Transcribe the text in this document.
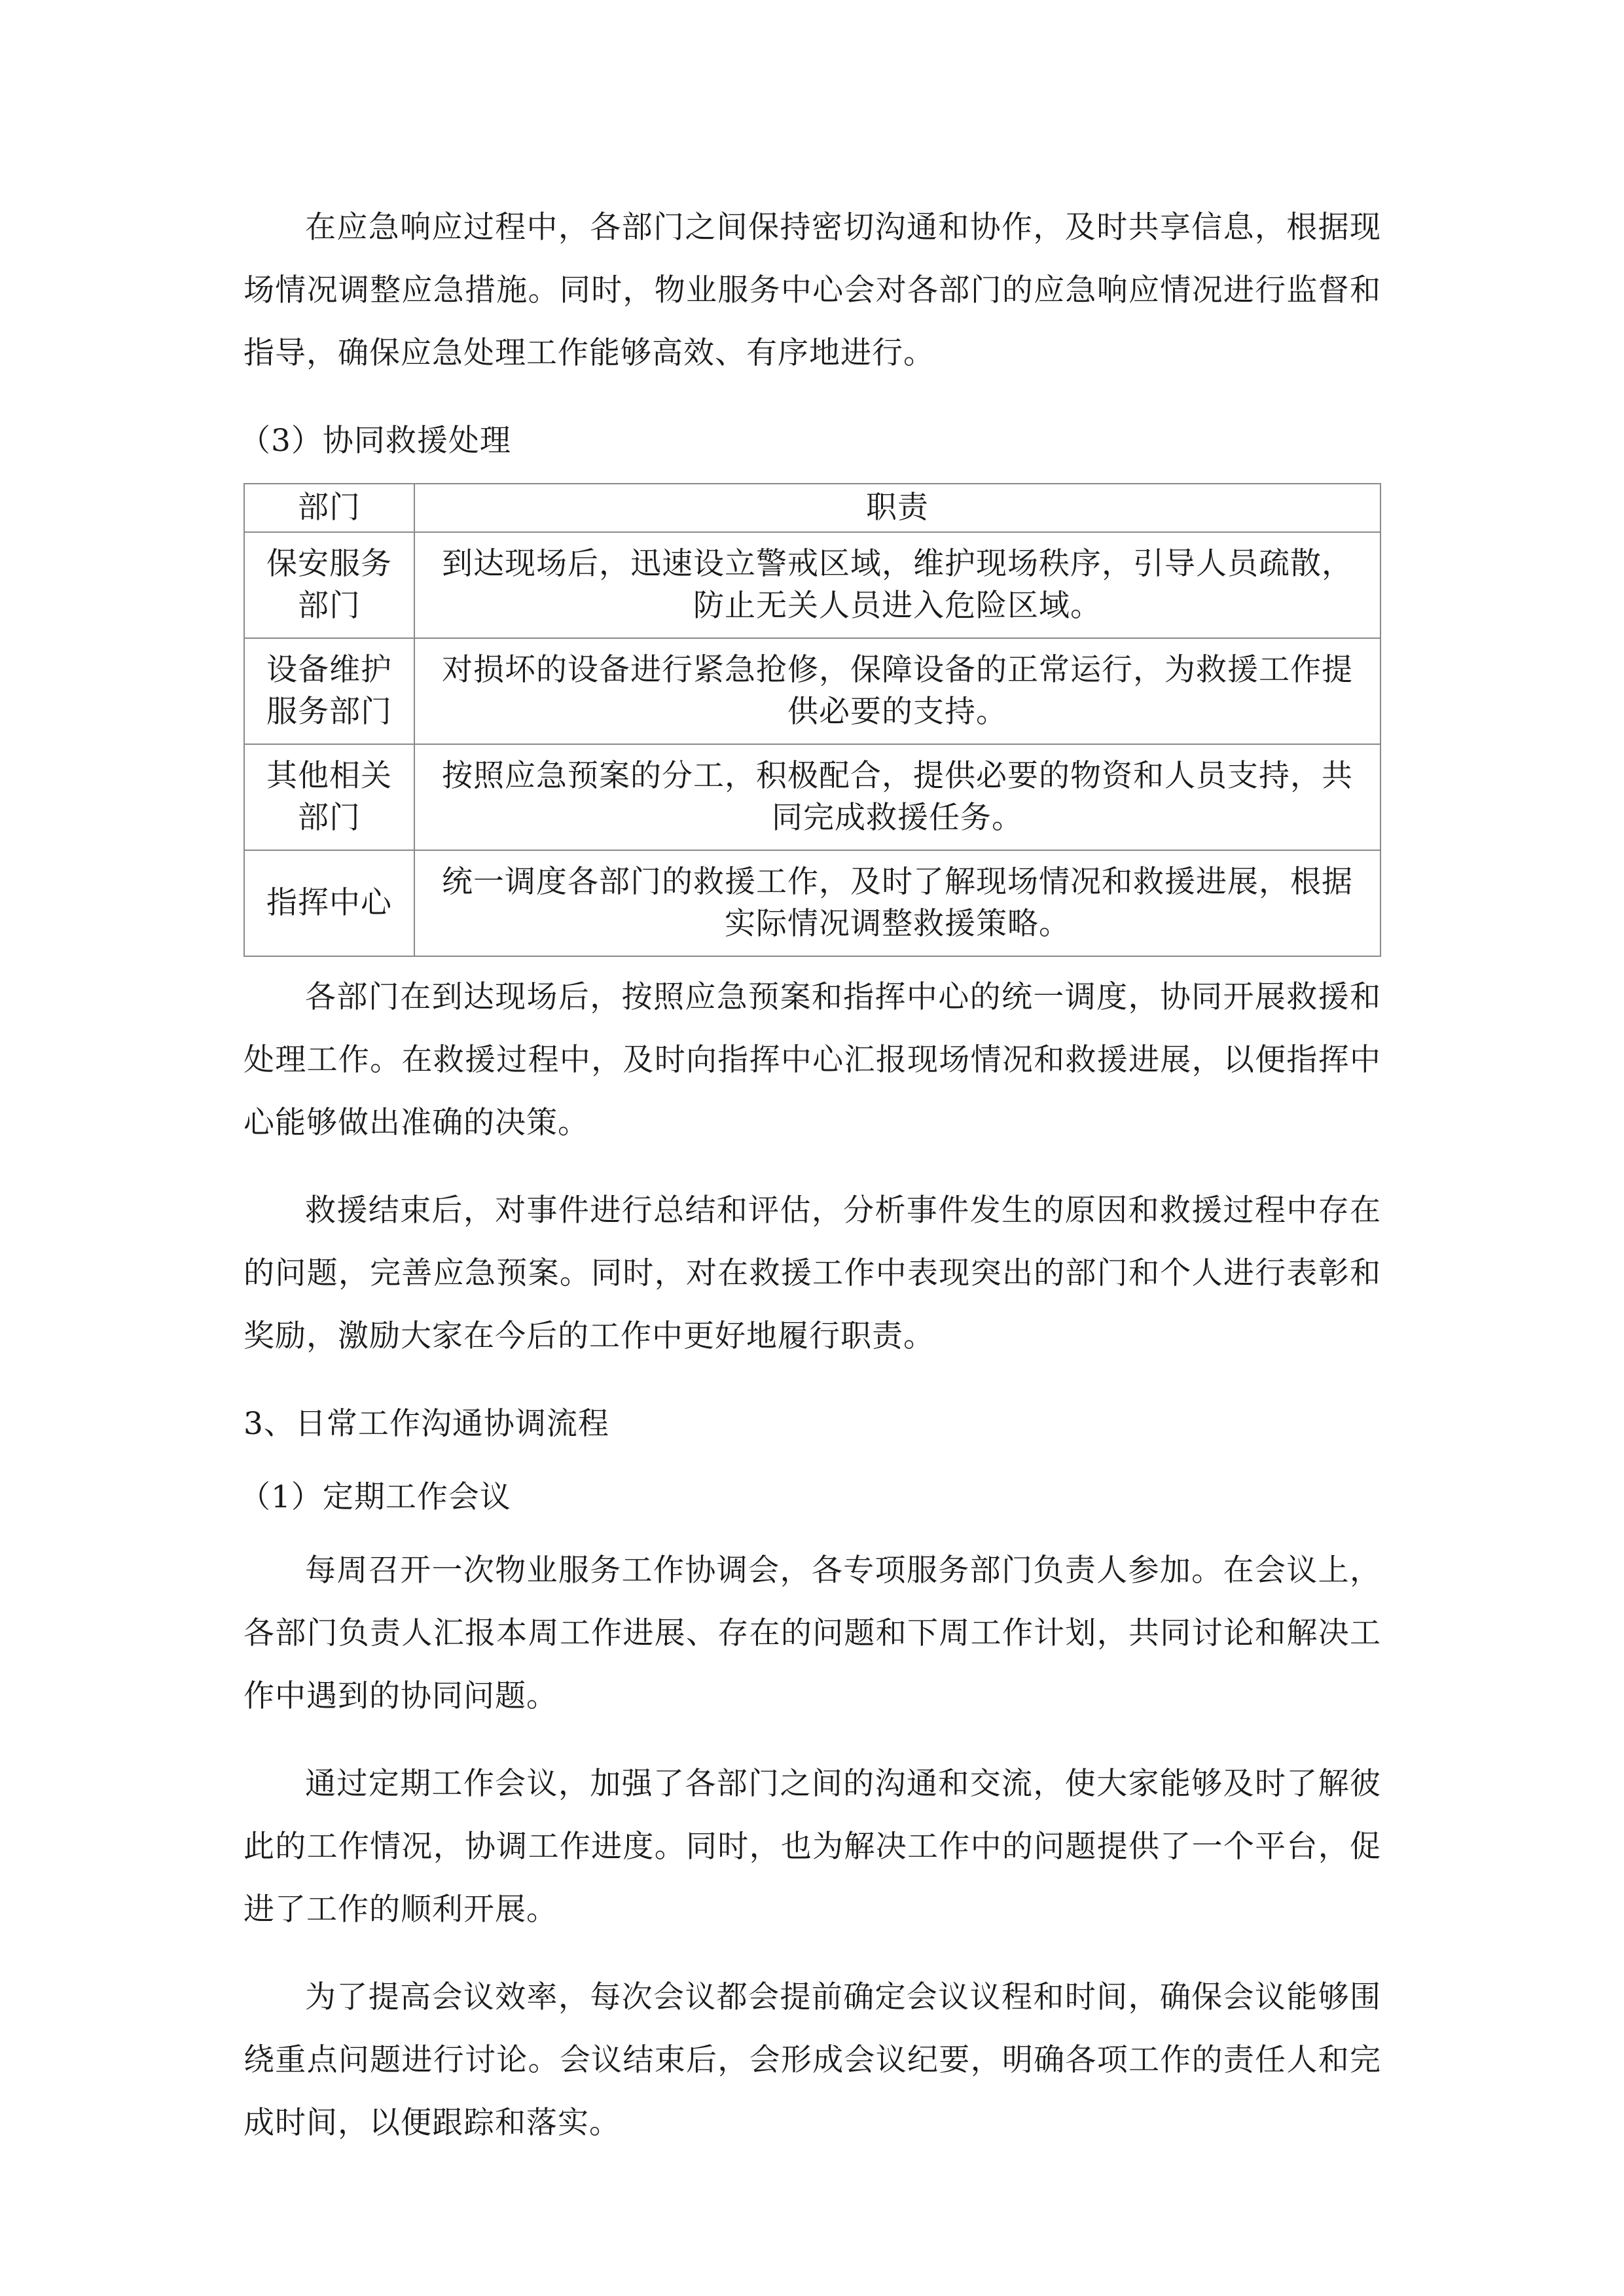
在应急响应过程中，各部门之间保持密切沟通和协作，及时共享信息，根据现场情况调整应急措施。同时，物业服务中心会对各部门的应急响应情况进行监督和指导，确保应急处理工作能够高效、有序地进行。

（3）协同救援处理
部门	职责
保安服务部门	到达现场后，迅速设立警戒区域，维护现场秩序，引导人员疏散，防止无关人员进入危险区域。
设备维护服务部门	对损坏的设备进行紧急抢修，保障设备的正常运行，为救援工作提供必要的支持。
其他相关部门	按照应急预案的分工，积极配合，提供必要的物资和人员支持，共同完成救援任务。
指挥中心	统一调度各部门的救援工作，及时了解现场情况和救援进展，根据实际情况调整救援策略。

各部门在到达现场后，按照应急预案和指挥中心的统一调度，协同开展救援和处理工作。在救援过程中，及时向指挥中心汇报现场情况和救援进展，以便指挥中心能够做出准确的决策。

救援结束后，对事件进行总结和评估，分析事件发生的原因和救援过程中存在的问题，完善应急预案。同时，对在救援工作中表现突出的部门和个人进行表彰和奖励，激励大家在今后的工作中更好地履行职责。

3、日常工作沟通协调流程
（1）定期工作会议

每周召开一次物业服务工作协调会，各专项服务部门负责人参加。在会议上，各部门负责人汇报本周工作进展、存在的问题和下周工作计划，共同讨论和解决工作中遇到的协同问题。

通过定期工作会议，加强了各部门之间的沟通和交流，使大家能够及时了解彼此的工作情况，协调工作进度。同时，也为解决工作中的问题提供了一个平台，促进了工作的顺利开展。

为了提高会议效率，每次会议都会提前确定会议议程和时间，确保会议能够围绕重点问题进行讨论。会议结束后，会形成会议纪要，明确各项工作的责任人和完成时间，以便跟踪和落实。
